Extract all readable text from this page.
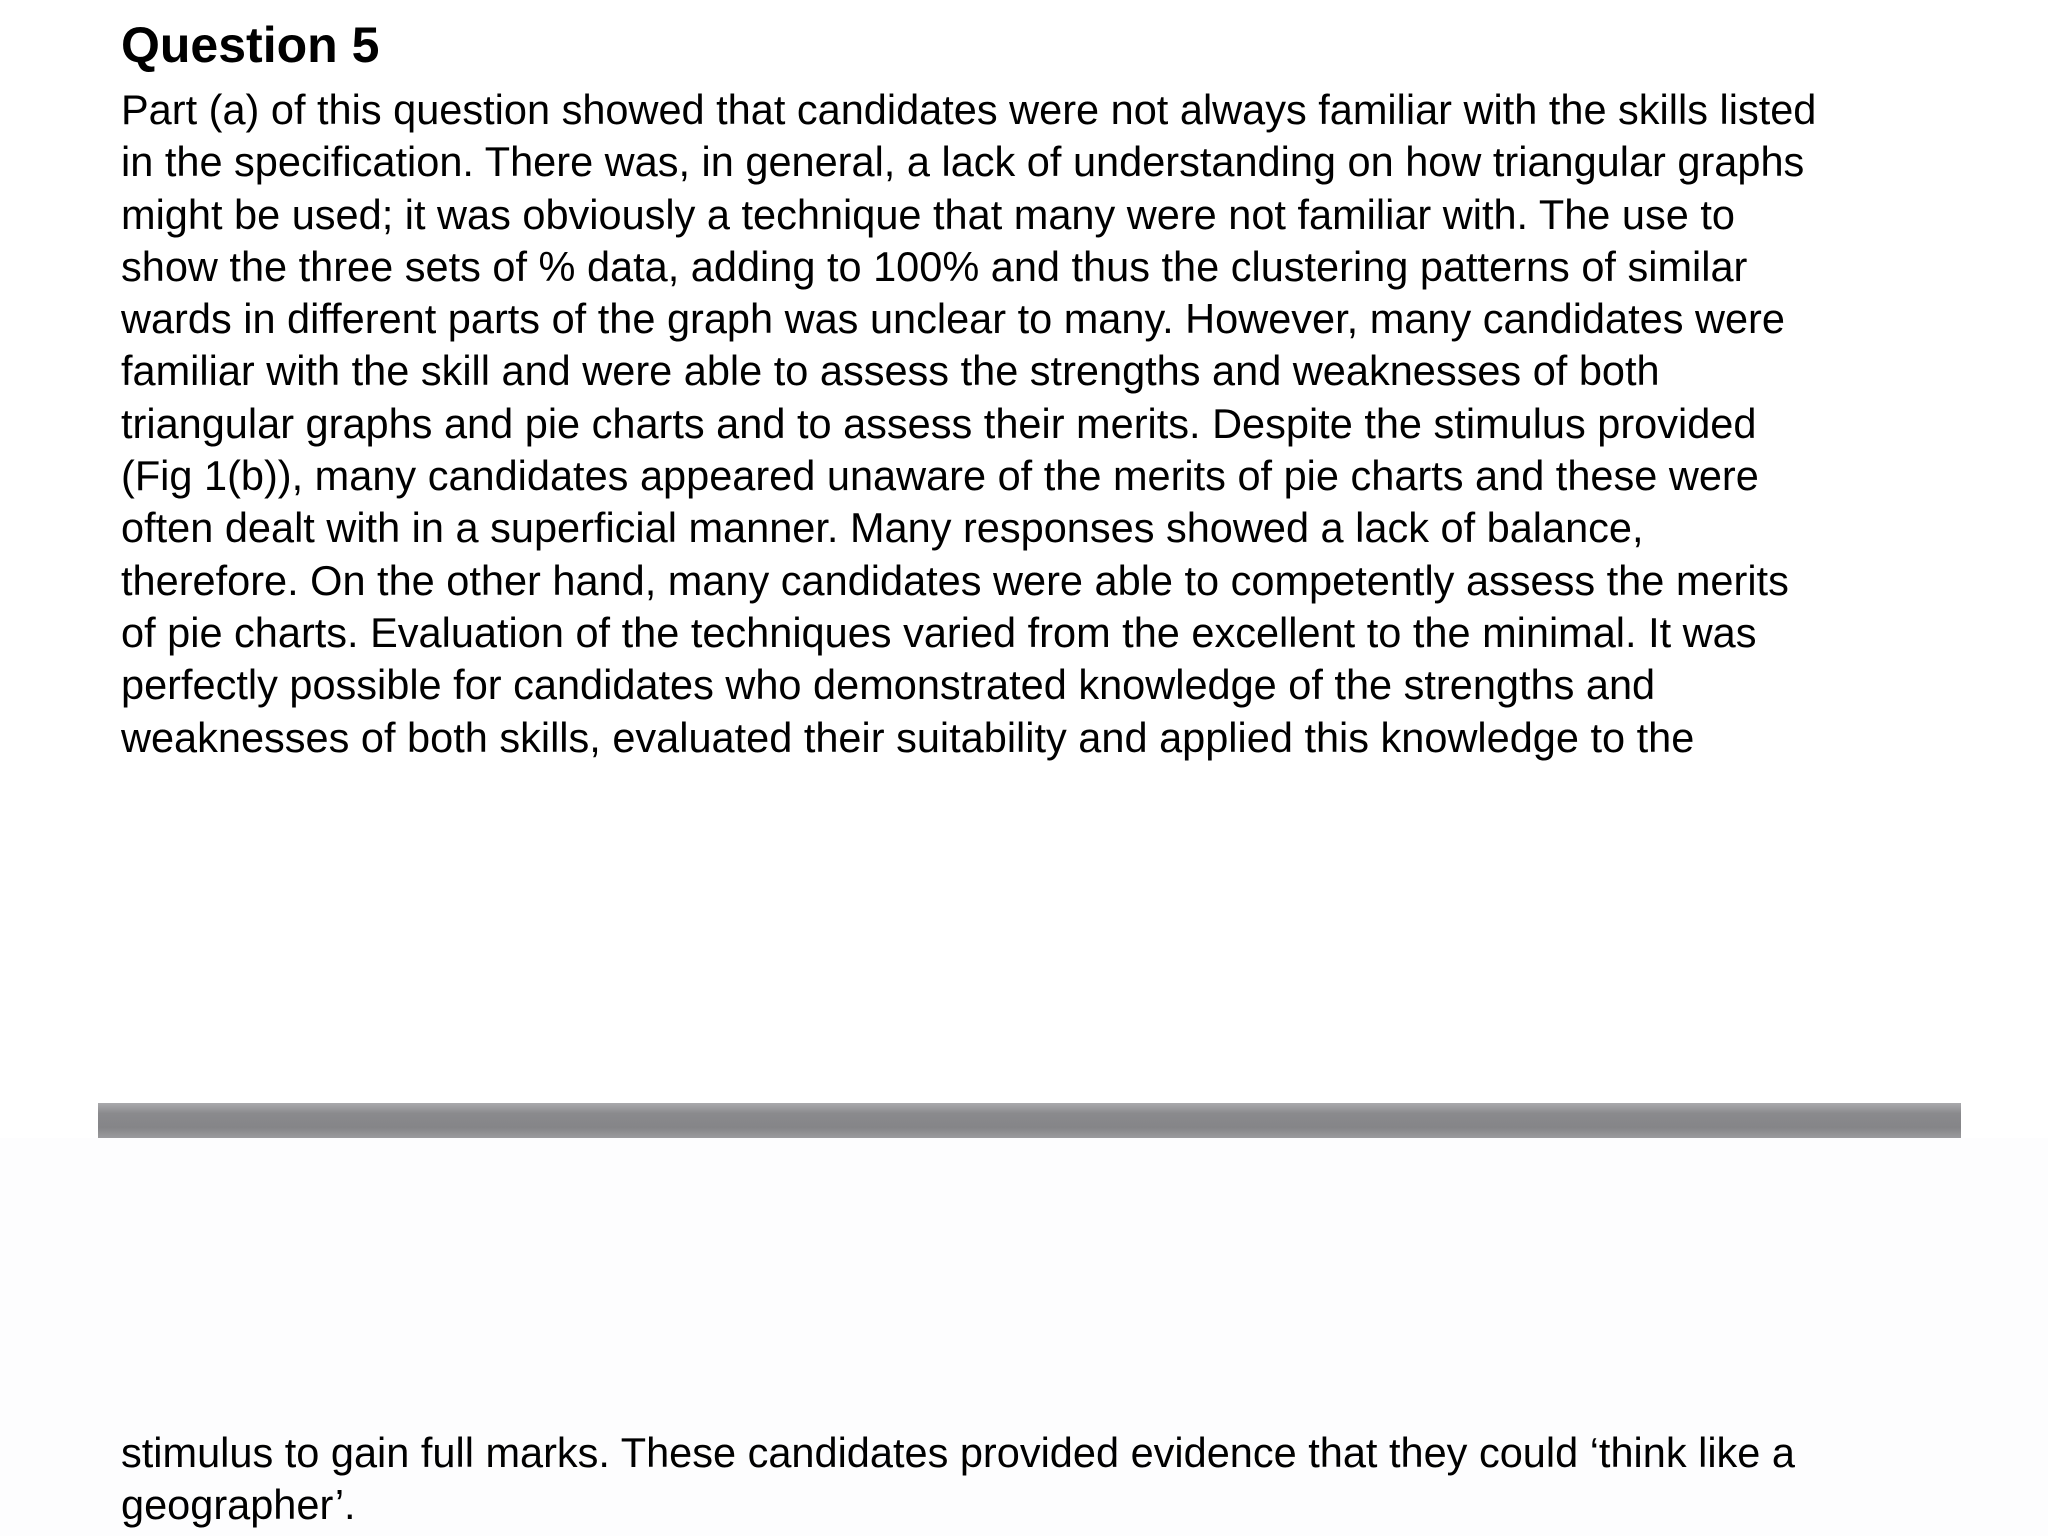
Question 5

Part (a) of this question showed that candidates were not always familiar with the skills listed

in the specification. There was, in general, a lack of understanding on how triangular graphs

might be used; it was obviously a technique that many were not familiar with. The use to

show the three sets of % data, adding to 100% and thus the clustering patterns of similar

wards in different parts of the graph was unclear to many. However, many candidates were

familiar with the skill and were able to assess the strengths and weaknesses of both

triangular graphs and pie charts and to assess their merits. Despite the stimulus provided

(Fig 1(b)), many candidates appeared unaware of the merits of pie charts and these were

often dealt with in a superficial manner. Many responses showed a lack of balance,

therefore. On the other hand, many candidates were able to competently assess the merits

of pie charts. Evaluation of the techniques varied from the excellent to the minimal. It was

perfectly possible for candidates who demonstrated knowledge of the strengths and

weaknesses of both skills, evaluated their suitability and applied this knowledge to the

stimulus to gain full marks. These candidates provided evidence that they could ‘think like a

geographer’.
